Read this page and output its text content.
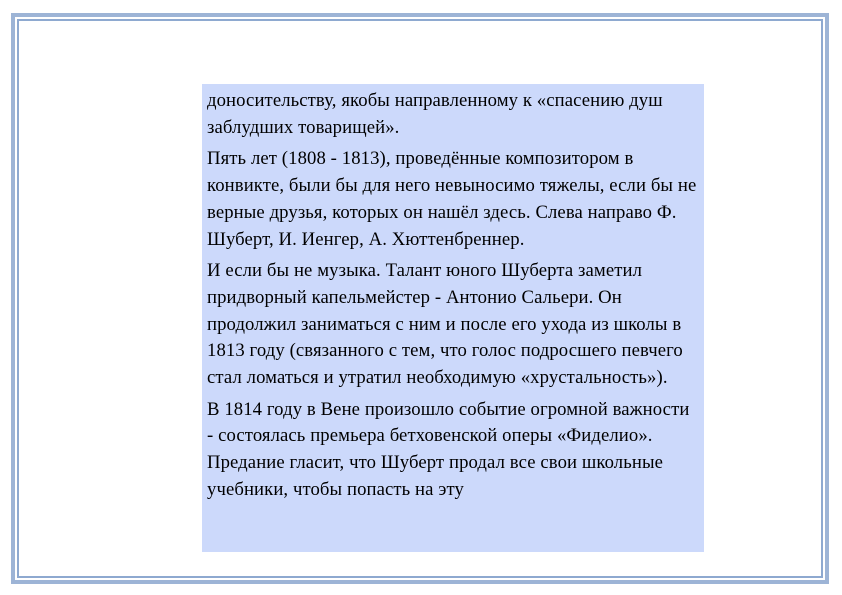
доносительству, якобы направленному к «спасению душ заблудших товарищей».

Пять лет (1808 - 1813), проведённые композитором в конвикте, были бы для него невыносимо тяжелы, если бы не верные друзья, которых он нашёл здесь. Слева направо Ф. Шуберт, И. Иенгер, А. Хюттенбреннер.

И если бы не музыка. Талант юного Шуберта заметил придворный капельмейстер - Антонио Сальери. Он продолжил заниматься с ним и после его ухода из школы в 1813 году (связанного с тем, что голос подросшего певчего стал ломаться и утратил необходимую «хрустальность»).

В 1814 году в Вене произошло событие огромной важности - состоялась премьера бетховенской оперы «Фиделио». Предание гласит, что Шуберт продал все свои школьные учебники, чтобы попасть на эту
